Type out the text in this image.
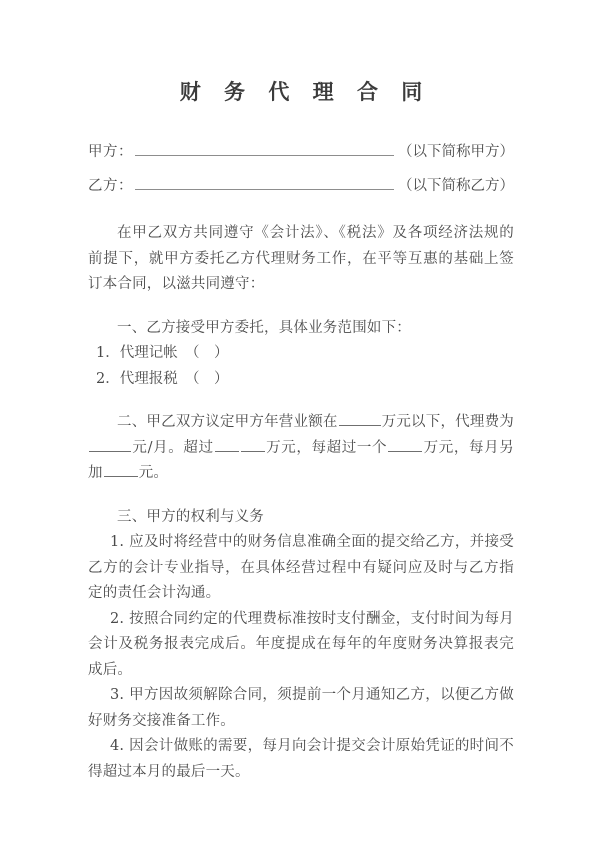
财 务 代 理 合 同
甲方：	（以下简称甲方）
乙方：	（以下简称乙方）

在甲乙双方共同遵守《会计法》、《税法》及各项经济法规的前提下，就甲方委托乙方代理财务工作，在平等互惠的基础上签订本合同，以滋共同遵守：

一、乙方接受甲方委托，具体业务范围如下：

1．代理记帐　（　）
2．代理报税　（　）

二、甲乙双方议定甲方年营业额在	万元以下，代理费为元/月。超过	万元，每超过一个 万元，每月另加 元。

三、甲方的权利与义务

1. 应及时将经营中的财务信息准确全面的提交给乙方，并接受乙方的会计专业指导，在具体经营过程中有疑问应及时与乙方指定的责任会计沟通。

2. 按照合同约定的代理费标准按时支付酬金，支付时间为每月会计及税务报表完成后。年度提成在每年的年度财务决算报表完成后。

3. 甲方因故须解除合同，须提前一个月通知乙方，以便乙方做好财务交接准备工作。

4. 因会计做账的需要，每月向会计提交会计原始凭证的时间不得超过本月的最后一天。
